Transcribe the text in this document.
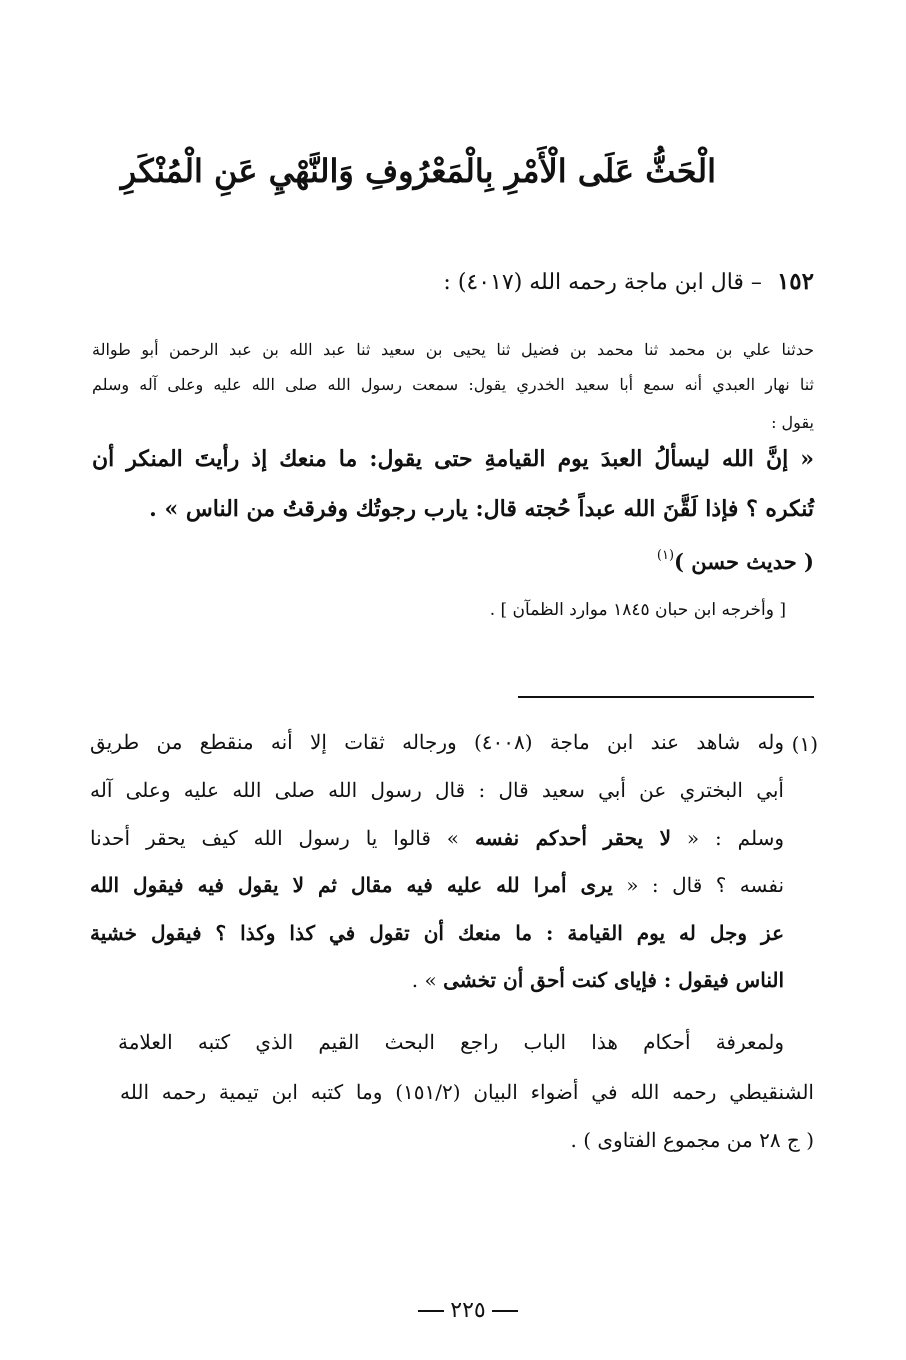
الْحَثُّ عَلَى الْأَمْرِ بِالْمَعْرُوفِ وَالنَّهْيِ عَنِ الْمُنْكَرِ
١٥٢ – قال ابن ماجة رحمه الله (٤٠١٧) :
حدثنا علي بن محمد ثنا محمد بن فضيل ثنا يحيى بن سعيد ثنا عبد الله بن عبد الرحمن أبو طوالة
ثنا نهار العبدي أنه سمع أبا سعيد الخدري يقول: سمعت رسول الله صلى الله عليه وعلى آله وسلم
يقول :
« إنَّ الله ليسألُ العبدَ يوم القيامةِ حتى يقول: ما منعك إذ رأيتَ المنكر أن
تُنكره ؟ فإذا لَقَّنَ الله عبداً حُجته قال: يارب رجوتُك وفرقتُ من الناس » .
( حديث حسن )$^{(١)}$
[ وأخرجه ابن حبان ١٨٤٥ موارد الظمآن ] .
(١)
وله شاهد عند ابن ماجة (٤٠٠٨) ورجاله ثقات إلا أنه منقطع من طريق
أبي البختري عن أبي سعيد قال : قال رسول الله صلى الله عليه وعلى آله
وسلم : « لا يحقر أحدكم نفسه » قالوا يا رسول الله كيف يحقر أحدنا
نفسه ؟ قال : « يرى أمرا لله عليه فيه مقال ثم لا يقول فيه فيقول الله
عز وجل له يوم القيامة : ما منعك أن تقول في كذا وكذا ؟ فيقول خشية
الناس فيقول : فإياى كنت أحق أن تخشى » .
ولمعرفة أحكام هذا الباب راجع البحث القيم الذي كتبه العلامة
الشنقيطي رحمه الله في أضواء البيان (١٥١/٢) وما كتبه ابن تيمية رحمه الله
( ج ٢٨ من مجموع الفتاوى ) .
٢٢٥
